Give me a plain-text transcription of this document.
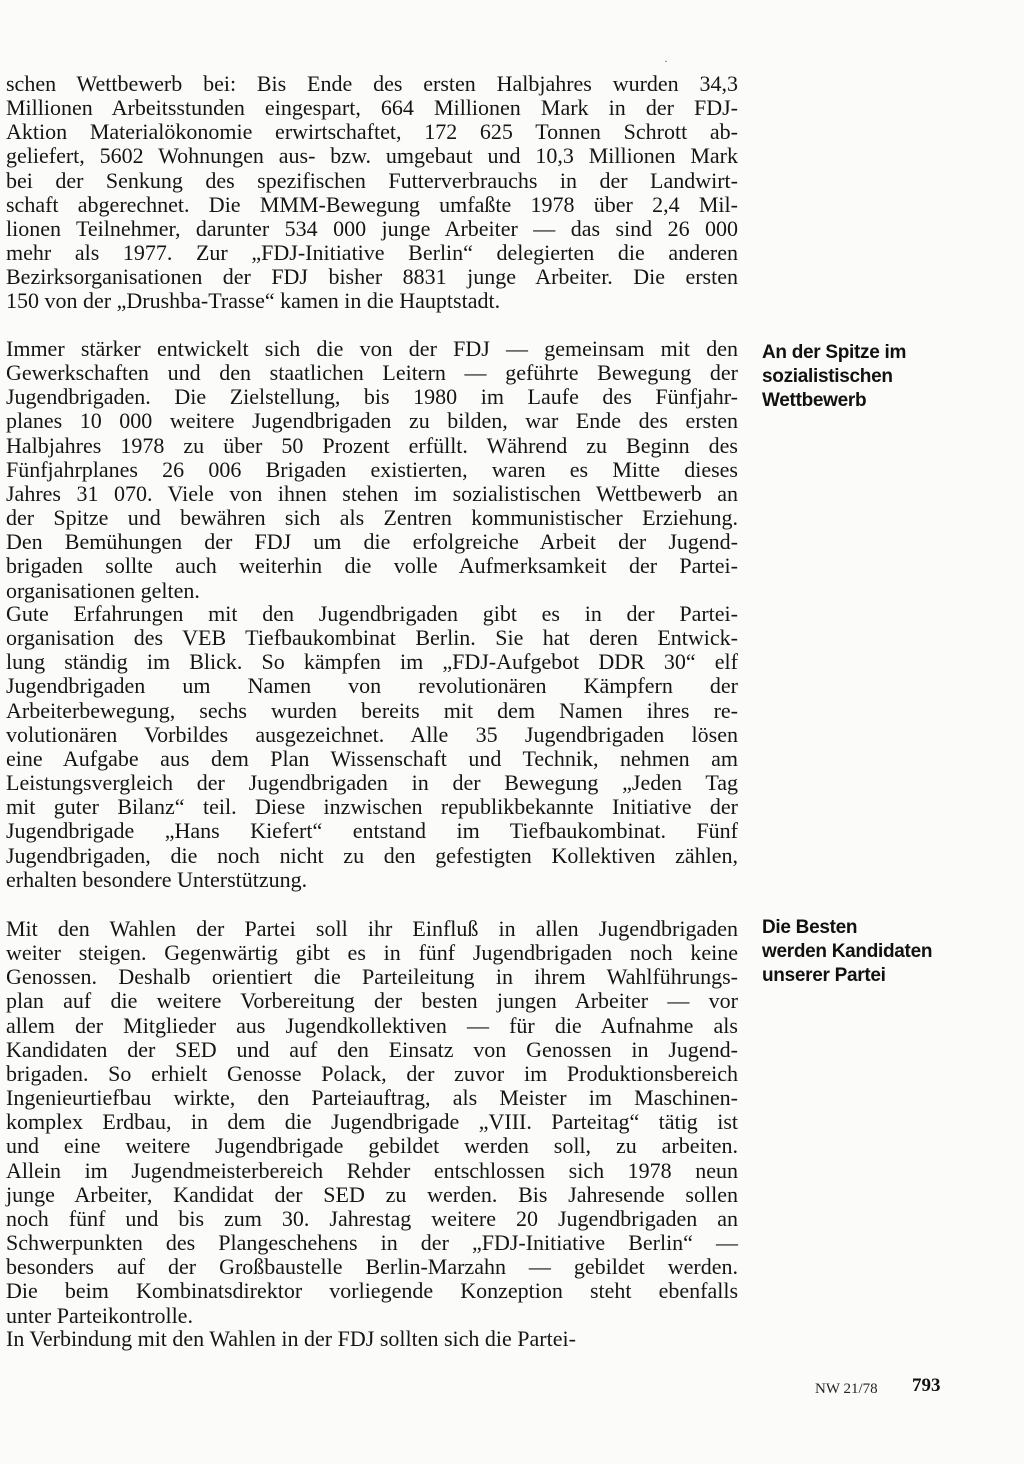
·

schen Wettbewerb bei: Bis Ende des ersten Halbjahres wurden 34,3
Millionen Arbeitsstunden eingespart, 664 Millionen Mark in der FDJ-
Aktion Materialökonomie erwirtschaftet, 172 625 Tonnen Schrott ab-
geliefert, 5602 Wohnungen aus- bzw. umgebaut und 10,3 Millionen Mark
bei der Senkung des spezifischen Futterverbrauchs in der Landwirt-
schaft abgerechnet. Die MMM-Bewegung umfaßte 1978 über 2,4 Mil-
lionen Teilnehmer, darunter 534 000 junge Arbeiter — das sind 26 000
mehr als 1977. Zur „FDJ-Initiative Berlin“ delegierten die anderen
Bezirksorganisationen der FDJ bisher 8831 junge Arbeiter. Die ersten
150 von der „Drushba-Trasse“ kamen in die Hauptstadt.

Immer stärker entwickelt sich die von der FDJ — gemeinsam mit den
Gewerkschaften und den staatlichen Leitern — geführte Bewegung der
Jugendbrigaden. Die Zielstellung, bis 1980 im Laufe des Fünfjahr-
planes 10 000 weitere Jugendbrigaden zu bilden, war Ende des ersten
Halbjahres 1978 zu über 50 Prozent erfüllt. Während zu Beginn des
Fünfjahrplanes 26 006 Brigaden existierten, waren es Mitte dieses
Jahres 31 070. Viele von ihnen stehen im sozialistischen Wettbewerb an
der Spitze und bewähren sich als Zentren kommunistischer Erziehung.
Den Bemühungen der FDJ um die erfolgreiche Arbeit der Jugend-
brigaden sollte auch weiterhin die volle Aufmerksamkeit der Partei-
organisationen gelten.

Gute Erfahrungen mit den Jugendbrigaden gibt es in der Partei-
organisation des VEB Tiefbaukombinat Berlin. Sie hat deren Entwick-
lung ständig im Blick. So kämpfen im „FDJ-Aufgebot DDR 30“ elf
Jugendbrigaden um Namen von revolutionären Kämpfern der
Arbeiterbewegung, sechs wurden bereits mit dem Namen ihres re-
volutionären Vorbildes ausgezeichnet. Alle 35 Jugendbrigaden lösen
eine Aufgabe aus dem Plan Wissenschaft und Technik, nehmen am
Leistungsvergleich der Jugendbrigaden in der Bewegung „Jeden Tag
mit guter Bilanz“ teil. Diese inzwischen republikbekannte Initiative der
Jugendbrigade „Hans Kiefert“ entstand im Tiefbaukombinat. Fünf
Jugendbrigaden, die noch nicht zu den gefestigten Kollektiven zählen,
erhalten besondere Unterstützung.

Mit den Wahlen der Partei soll ihr Einfluß in allen Jugendbrigaden
weiter steigen. Gegenwärtig gibt es in fünf Jugendbrigaden noch keine
Genossen. Deshalb orientiert die Parteileitung in ihrem Wahlführungs-
plan auf die weitere Vorbereitung der besten jungen Arbeiter — vor
allem der Mitglieder aus Jugendkollektiven — für die Aufnahme als
Kandidaten der SED und auf den Einsatz von Genossen in Jugend-
brigaden. So erhielt Genosse Polack, der zuvor im Produktionsbereich
Ingenieurtiefbau wirkte, den Parteiauftrag, als Meister im Maschinen-
komplex Erdbau, in dem die Jugendbrigade „VIII. Parteitag“ tätig ist
und eine weitere Jugendbrigade gebildet werden soll, zu arbeiten.
Allein im Jugendmeisterbereich Rehder entschlossen sich 1978 neun
junge Arbeiter, Kandidat der SED zu werden. Bis Jahresende sollen
noch fünf und bis zum 30. Jahrestag weitere 20 Jugendbrigaden an
Schwerpunkten des Plangeschehens in der „FDJ-Initiative Berlin“ —
besonders auf der Großbaustelle Berlin-Marzahn — gebildet werden.
Die beim Kombinatsdirektor vorliegende Konzeption steht ebenfalls
unter Parteikontrolle.

In Verbindung mit den Wahlen in der FDJ sollten sich die Partei-

An der Spitze im
sozialistischen
Wettbewerb
Die Besten
werden Kandidaten
unserer Partei
NW 21/78 793
